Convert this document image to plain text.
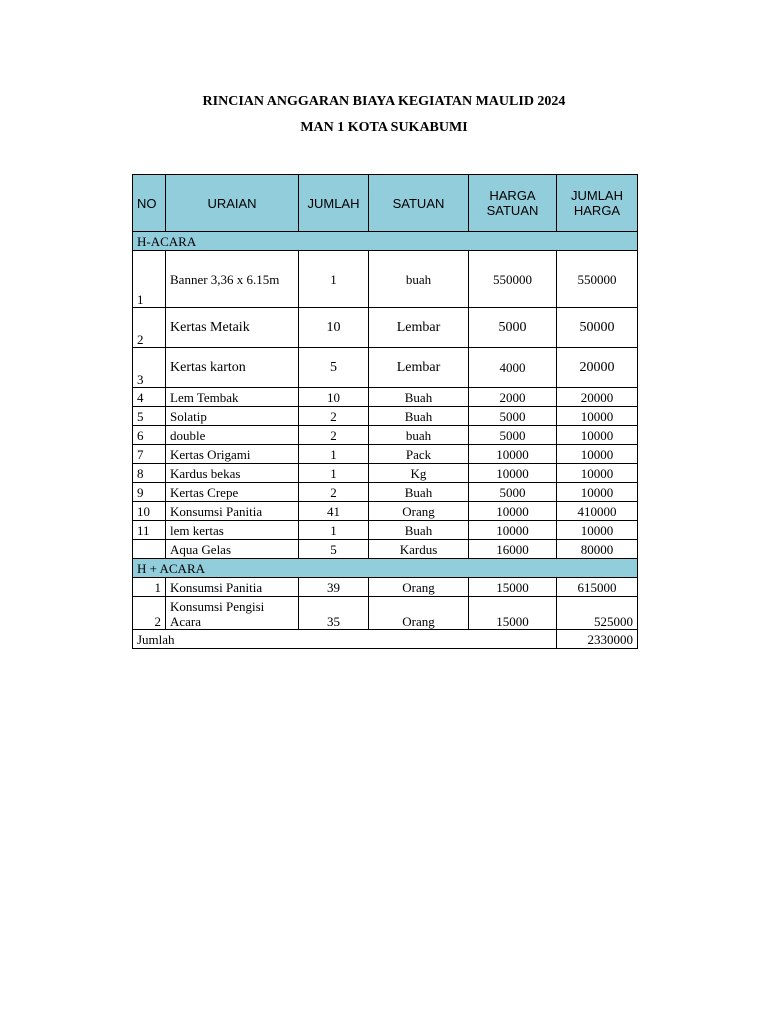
RINCIAN ANGGARAN BIAYA KEGIATAN MAULID 2024
MAN 1 KOTA SUKABUMI
NO	URAIAN	JUMLAH	SATUAN	HARGA SATUAN	JUMLAH HARGA
H-ACARA					
1	Banner 3,36 x 6.15m	1	buah	550000	550000
2	Kertas Metaik	10	Lembar	5000	50000
3	Kertas karton	5	Lembar	4000	20000
4	Lem Tembak	10	Buah	2000	20000
5	Solatip	2	Buah	5000	10000
6	double	2	buah	5000	10000
7	Kertas Origami	1	Pack	10000	10000
8	Kardus bekas	1	Kg	10000	10000
9	Kertas Crepe	2	Buah	5000	10000
10	Konsumsi Panitia	41	Orang	10000	410000
11	lem kertas	1	Buah	10000	10000
	Aqua Gelas	5	Kardus	16000	80000
H + ACARA					
1	Konsumsi Panitia	39	Orang	15000	615000
2	Konsumsi Pengisi Acara	35	Orang	15000	525000
Jumlah					2330000
